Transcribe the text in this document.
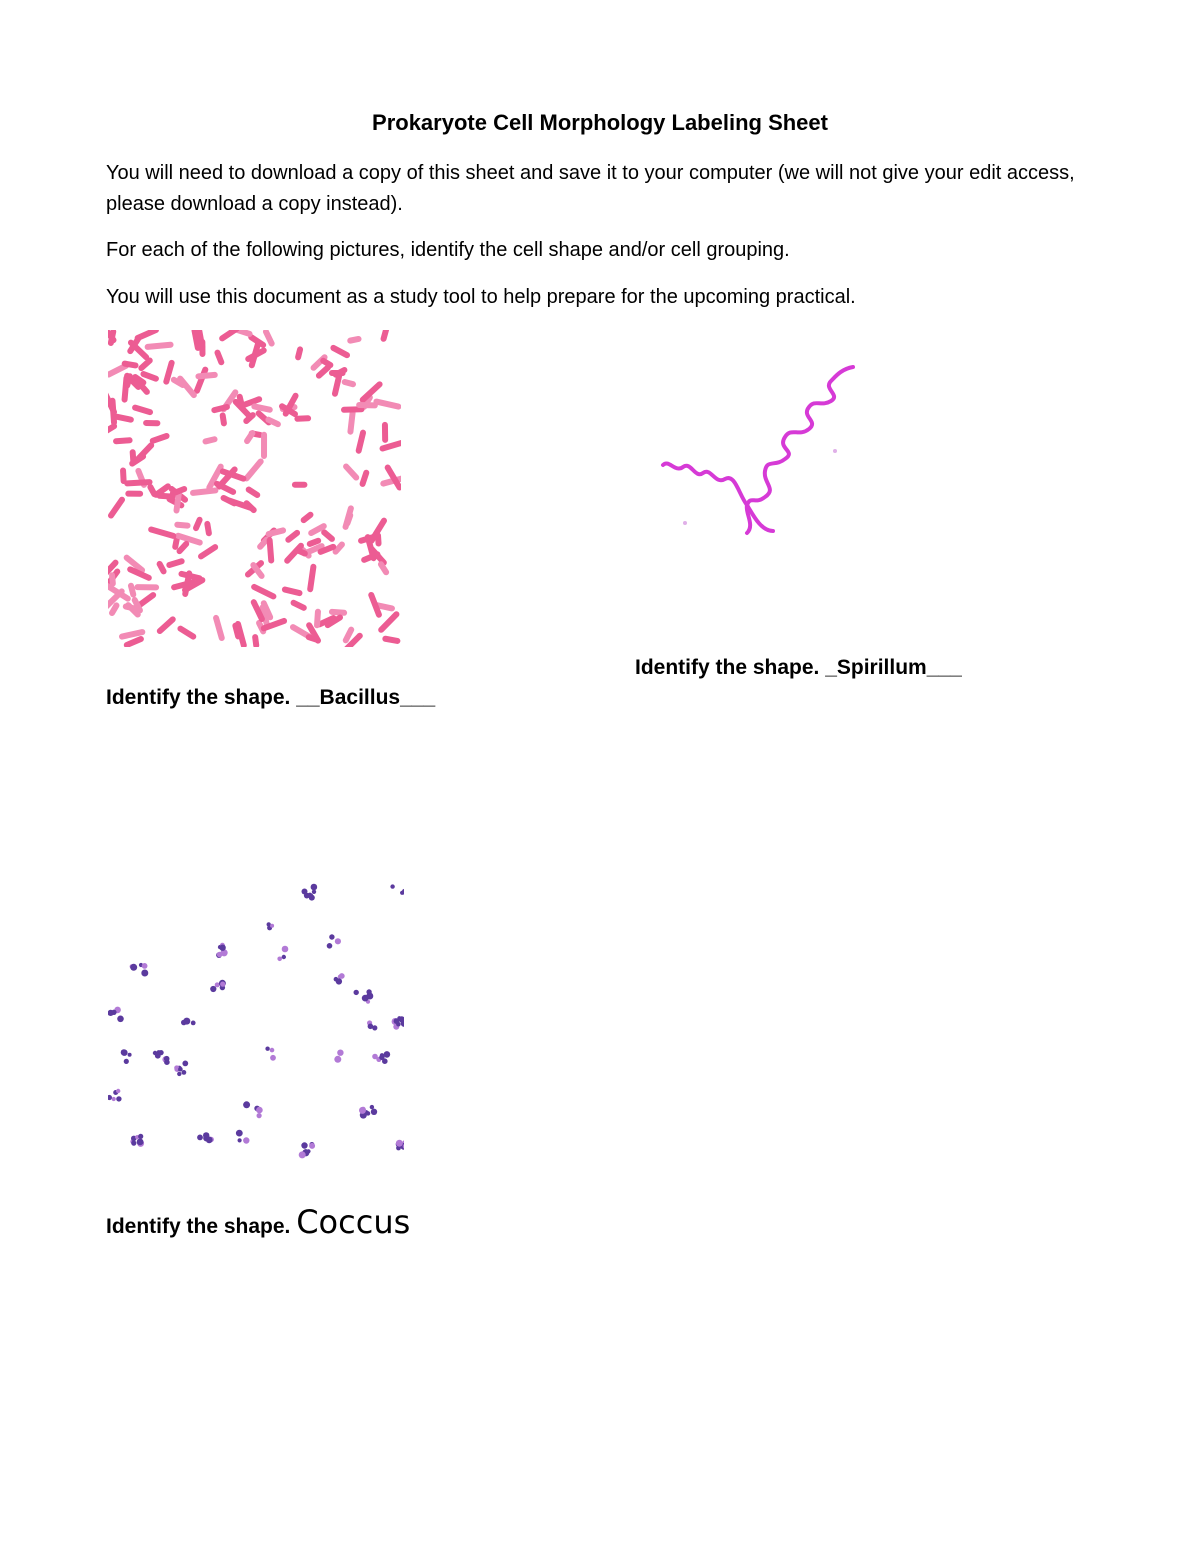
Prokaryote Cell Morphology Labeling Sheet

You will need to download a copy of this sheet and save it to your computer (we will not give your edit access, please download a copy instead).

For each of the following pictures, identify the cell shape and/or cell grouping.

You will use this document as a study tool to help prepare for the upcoming practical.

Identify the shape. __Bacillus___

Identify the shape. _Spirillum___

Identify the shape. Coccus
